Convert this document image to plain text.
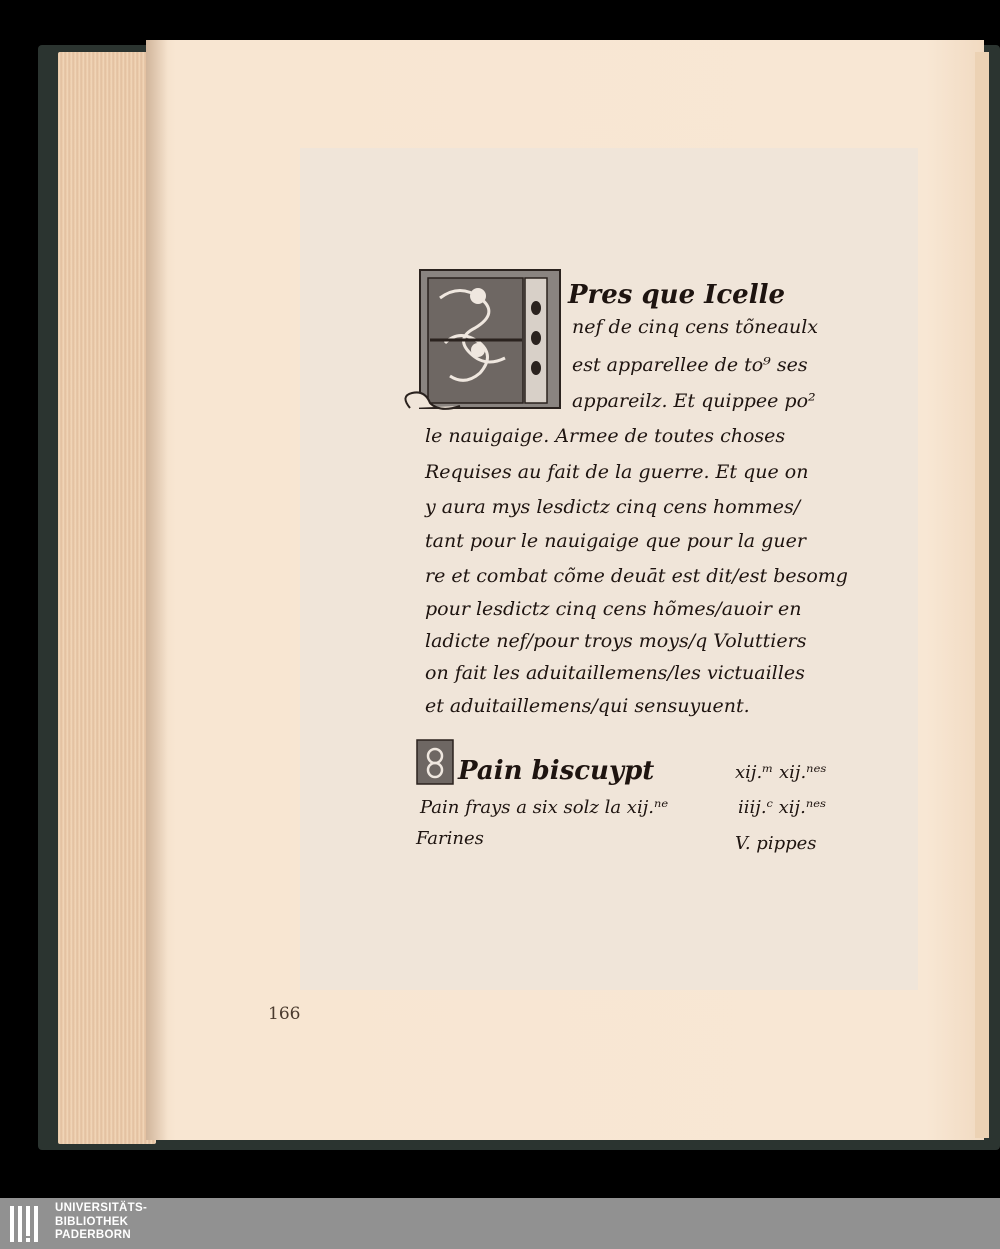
Pres que Icelle
nef de cinq cens tõneaulx
est apparellee de to⁹ ses
appareilz. Et quippee po²
le nauigaige. Armee de toutes choses
Requises au fait de la guerre. Et que on
y aura mys lesdictz cinq cens hommes/
tant pour le nauigaige que pour la guer
re et combat cõme deuāt est dit/est besomg
pour lesdictz cinq cens hõmes/auoir en
ladicte nef/pour troys moys/q Voluttiers
on fait les aduitaillemens/les victuailles
et aduitaillemens/qui sensuyuent.
Pain biscuypt	xij.ᵐ xij.ⁿᵉˢ
Pain frays a six solz la xij.ⁿᵉ	iiij.ᶜ xij.ⁿᵉˢ
Farines	V. pippes
166
UNIVERSITÄTS-
BIBLIOTHEK
PADERBORN
